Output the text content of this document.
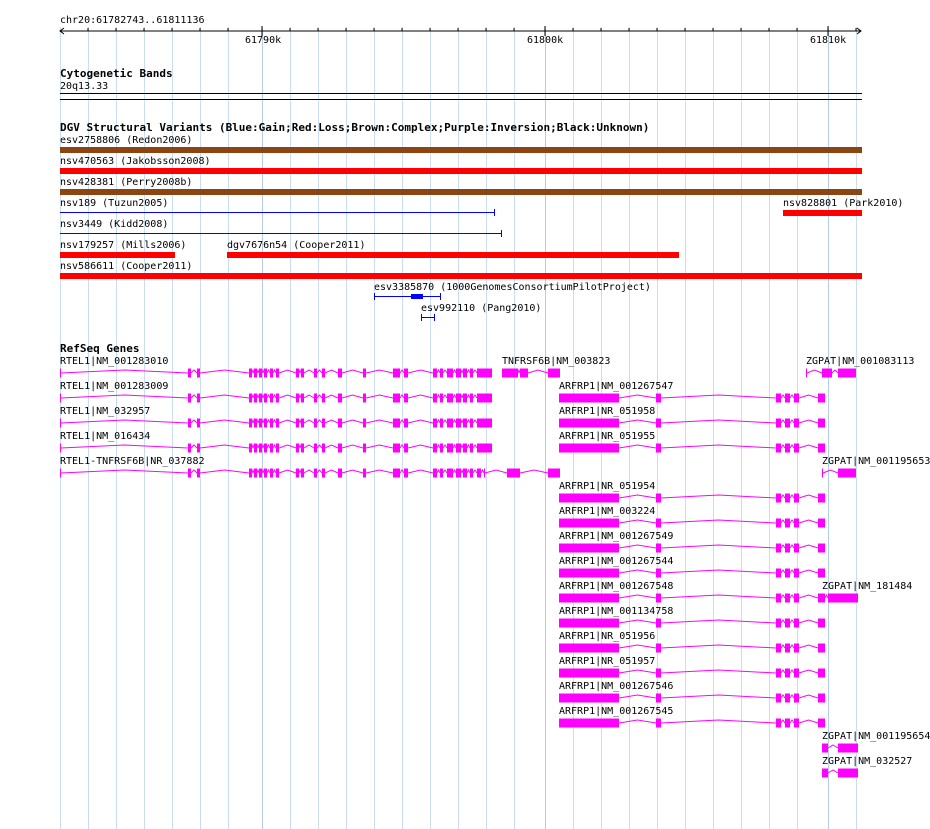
chr20:61782743..61811136
61790k	61800k	61810k
Cytogenetic Bands
20q13.33
DGV Structural Variants (Blue:Gain;Red:Loss;Brown:Complex;Purple:Inversion;Black:Unknown)
esv2758806 (Redon2006)
nsv470563 (Jakobsson2008)
nsv428381 (Perry2008b)
nsv189 (Tuzun2005)	nsv828801 (Park2010)
nsv3449 (Kidd2008)
nsv179257 (Mills2006)	dgv7676n54 (Cooper2011)
nsv586611 (Cooper2011)
esv3385870 (1000GenomesConsortiumPilotProject)
esv992110 (Pang2010)
RefSeq Genes
RTEL1|NM_001283010	TNFRSF6B|NM_003823	ZGPAT|NM_001083113
RTEL1|NM_001283009	ARFRP1|NM_001267547
RTEL1|NM_032957	ARFRP1|NR_051958
RTEL1|NM_016434	ARFRP1|NR_051955
RTEL1-TNFRSF6B|NR_037882	ZGPAT|NM_001195653
ARFRP1|NR_051954
ARFRP1|NM_003224
ARFRP1|NM_001267549
ARFRP1|NM_001267544
ARFRP1|NM_001267548	ZGPAT|NM_181484
ARFRP1|NM_001134758
ARFRP1|NR_051956
ARFRP1|NR_051957
ARFRP1|NM_001267546
ARFRP1|NM_001267545
ZGPAT|NM_001195654
ZGPAT|NM_032527
